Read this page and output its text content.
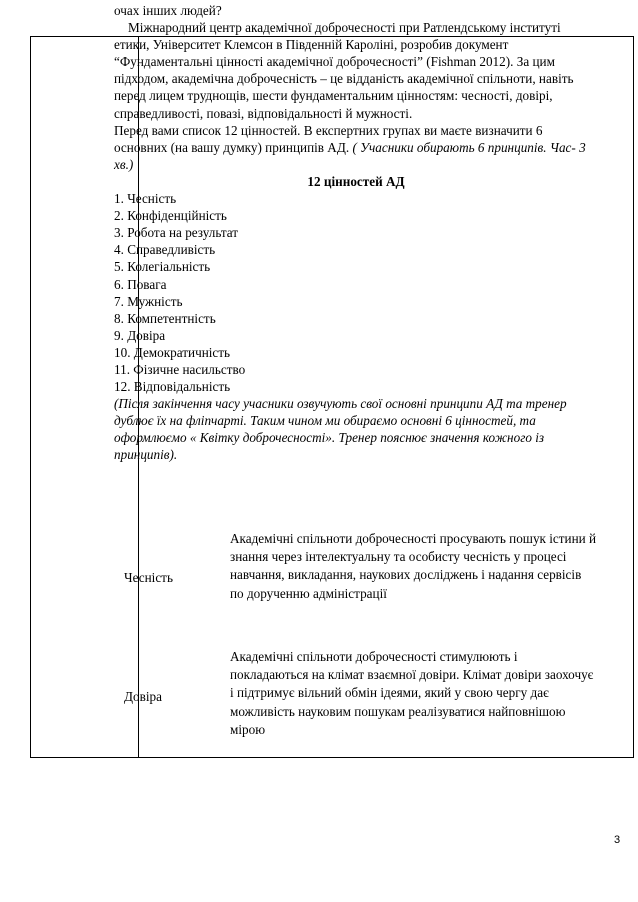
очах інших людей?

Міжнародний центр академічної доброчесності при Ратлендському інституті етики, Університет Клемсон в Південній Кароліні, розробив документ “Фундаментальні цінності академічної доброчесності” (Fishman 2012). За цим підходом, академічна доброчесність – це відданість академічної спільноти, навіть перед лицем труднощів, шести фундаментальним цінностям: чесності, довірі, справедливості, повазі, відповідальності й мужності.

Перед вами список 12 цінностей. В експертних групах ви маєте визначити 6 основних (на вашу думку) принципів АД. ( Учасники обирають 6 принципів. Час- 3 хв.)

12 цінностей АД

1. Чесність
2. Конфіденційність
3. Робота на результат
4. Справедливість
5. Колегіальність
6. Повага
7. Мужність
8. Компетентність
9. Довіра
10. Демократичність
11. Фізичне насильство
12. Відповідальність

(Після закінчення часу учасники озвучують свої основні принципи АД та тренер дублює їх на фліпчарті. Таким чином ми обираємо основні 6 цінностей, та оформлюємо « Квітку доброчесності». Тренер пояснює значення кожного із принципів).

Чесність
Академічні спільноти доброчесності просувають пошук істини й знання через інтелектуальну та особисту чесність у процесі навчання, викладання, наукових досліджень і надання сервісів по дорученню адміністрації
Довіра
Академічні спільноти доброчесності стимулюють і покладаються на клімат взаємної довіри. Клімат довіри заохочує і підтримує вільний обмін ідеями, який у свою чергу дає можливість науковим пошукам реалізуватися найповнішою мірою
3
